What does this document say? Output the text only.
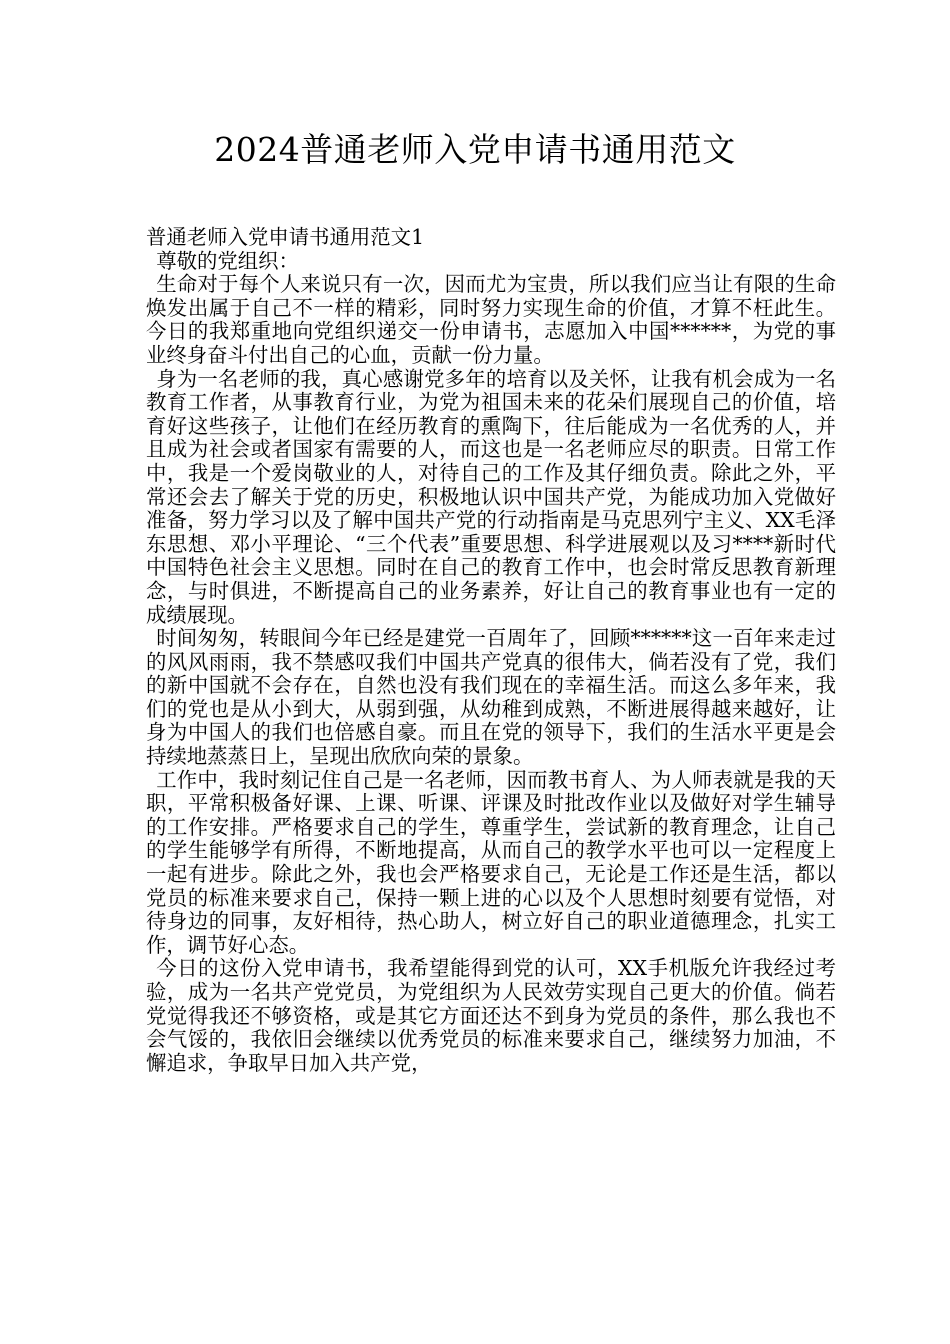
2024普通老师入党申请书通用范文

普通老师入党申请书通用范文1

尊敬的党组织：

生命对于每个人来说只有一次，因而尤为宝贵，所以我们应当让有限的生命焕发出属于自己不一样的精彩，同时努力实现生命的价值，才算不枉此生。今日的我郑重地向党组织递交一份申请书，志愿加入中国******，为党的事业终身奋斗付出自己的心血，贡献一份力量。

身为一名老师的我，真心感谢党多年的培育以及关怀，让我有机会成为一名教育工作者，从事教育行业，为党为祖国未来的花朵们展现自己的价值，培育好这些孩子，让他们在经历教育的熏陶下，往后能成为一名优秀的人，并且成为社会或者国家有需要的人，而这也是一名老师应尽的职责。日常工作中，我是一个爱岗敬业的人，对待自己的工作及其仔细负责。除此之外，平常还会去了解关于党的历史，积极地认识中国共产党，为能成功加入党做好准备，努力学习以及了解中国共产党的行动指南是马克思列宁主义、XX毛泽东思想、邓小平理论、“三个代表”重要思想、科学进展观以及习****新时代中国特色社会主义思想。同时在自己的教育工作中，也会时常反思教育新理念，与时俱进，不断提高自己的业务素养，好让自己的教育事业也有一定的成绩展现。

时间匆匆，转眼间今年已经是建党一百周年了，回顾******这一百年来走过的风风雨雨，我不禁感叹我们中国共产党真的很伟大，倘若没有了党，我们的新中国就不会存在，自然也没有我们现在的幸福生活。而这么多年来，我们的党也是从小到大，从弱到强，从幼稚到成熟，不断进展得越来越好，让身为中国人的我们也倍感自豪。而且在党的领导下，我们的生活水平更是会持续地蒸蒸日上，呈现出欣欣向荣的景象。

工作中，我时刻记住自己是一名老师，因而教书育人、为人师表就是我的天职，平常积极备好课、上课、听课、评课及时批改作业以及做好对学生辅导的工作安排。严格要求自己的学生，尊重学生，尝试新的教育理念，让自己的学生能够学有所得，不断地提高，从而自己的教学水平也可以一定程度上一起有进步。除此之外，我也会严格要求自己，无论是工作还是生活，都以党员的标准来要求自己，保持一颗上进的心以及个人思想时刻要有觉悟，对待身边的同事，友好相待，热心助人，树立好自己的职业道德理念，扎实工作，调节好心态。

今日的这份入党申请书，我希望能得到党的认可，XX手机版允许我经过考验，成为一名共产党党员，为党组织为人民效劳实现自己更大的价值。倘若党觉得我还不够资格，或是其它方面还达不到身为党员的条件，那么我也不会气馁的，我依旧会继续以优秀党员的标准来要求自己，继续努力加油，不懈追求，争取早日加入共产党，
